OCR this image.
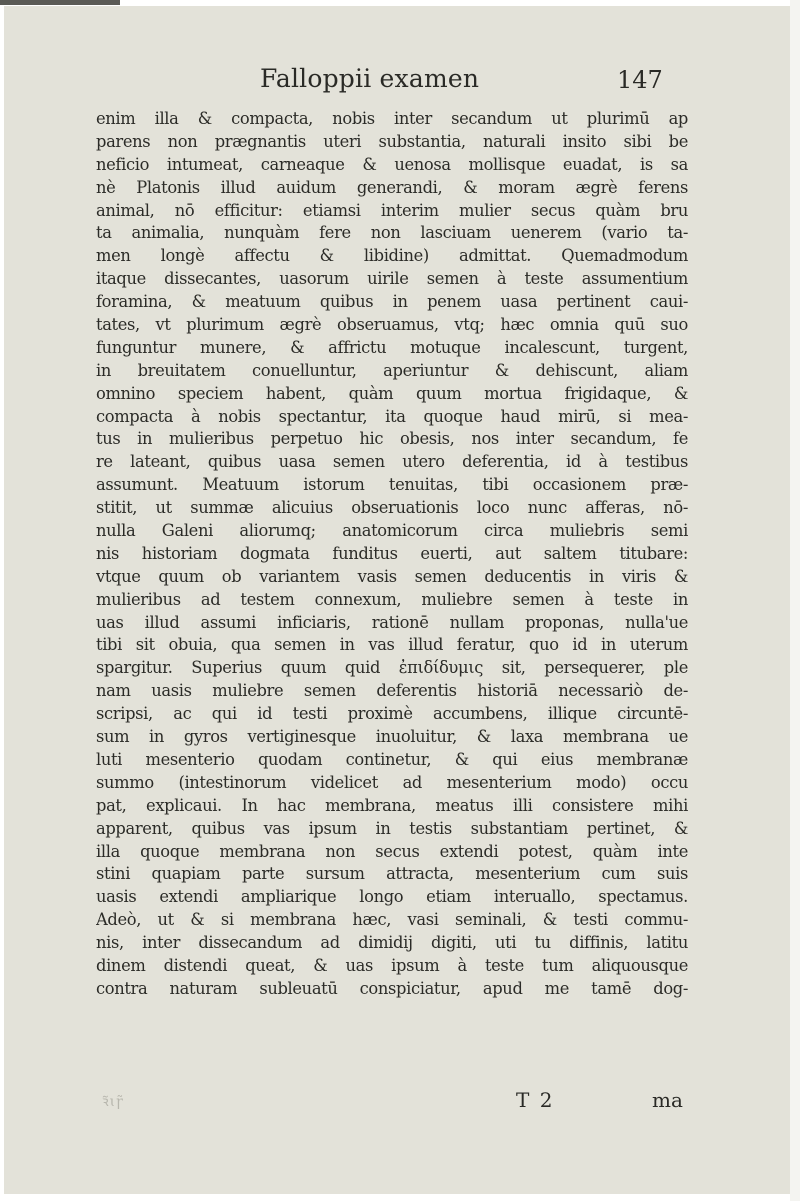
Falloppii examen	147
enim illa & compacta, nobis inter secandum ut plurimū ap
parens non prægnantis uteri substantia, naturali insito sibi be
neficio intumeat, carneaque & uenosa mollisque euadat, is sa
nè Platonis illud auidum generandi, & moram ægrè ferens
animal, nō efficitur: etiamsi interim mulier secus quàm bru
ta animalia, nunquàm fere non lasciuam uenerem (vario ta-
men longè affectu & libidine) admittat. Quemadmodum
itaque dissecantes, uasorum uirile semen à teste assumentium
foramina, & meatuum quibus in penem uasa pertinent caui-
tates, vt plurimum ægrè obseruamus, vtq; hæc omnia quū suo
funguntur munere, & affrictu motuque incalescunt, turgent,
in breuitatem conuelluntur, aperiuntur & dehiscunt, aliam
omnino speciem habent, quàm quum mortua frigidaque, &
compacta à nobis spectantur, ita quoque haud mirū, si mea-
tus in mulieribus perpetuo hic obesis, nos inter secandum, fe
re lateant, quibus uasa semen utero deferentia, id à testibus
assumunt. Meatuum istorum tenuitas, tibi occasionem præ-
stitit, ut summæ alicuius obseruationis loco nunc afferas, nō-
nulla Galeni aliorumq; anatomicorum circa muliebris semi
nis historiam dogmata funditus euerti, aut saltem titubare:
vtque quum ob variantem vasis semen deducentis in viris &
mulieribus ad testem connexum, muliebre semen à teste in
uas illud assumi inficiaris, rationē nullam proponas, nulla'ue
tibi sit obuia, qua semen in vas illud feratur, quo id in uterum
spargitur. Superius quum quid ἐπιδίδυμις sit, persequerer, ple
nam uasis muliebre semen deferentis historiā necessariò de-
scripsi, ac qui id testi proximè accumbens, illique circuntē-
sum in gyros vertiginesque inuoluitur, & laxa membrana ue
luti mesenterio quodam continetur, & qui eius membranæ
summo (intestinorum videlicet ad mesenterium modo) occu
pat, explicaui. In hac membrana, meatus illi consistere mihi
apparent, quibus vas ipsum in testis substantiam pertinet, &
illa quoque membrana non secus extendi potest, quàm inte
stini quapiam parte sursum attracta, mesenterium cum suis
uasis extendi ampliarique longo etiam interuallo, spectamus.
Adeò, ut & si membrana hæc, vasi seminali, & testi commu-
nis, inter dissecandum ad dimidij digiti, uti tu diffinis, latitu
dinem distendi queat, & uas ipsum à teste tum aliquousque
contra naturam subleuatū conspiciatur, apud me tamē dog-
ꝛ̃ɩꞅ̃	T 2	ma
